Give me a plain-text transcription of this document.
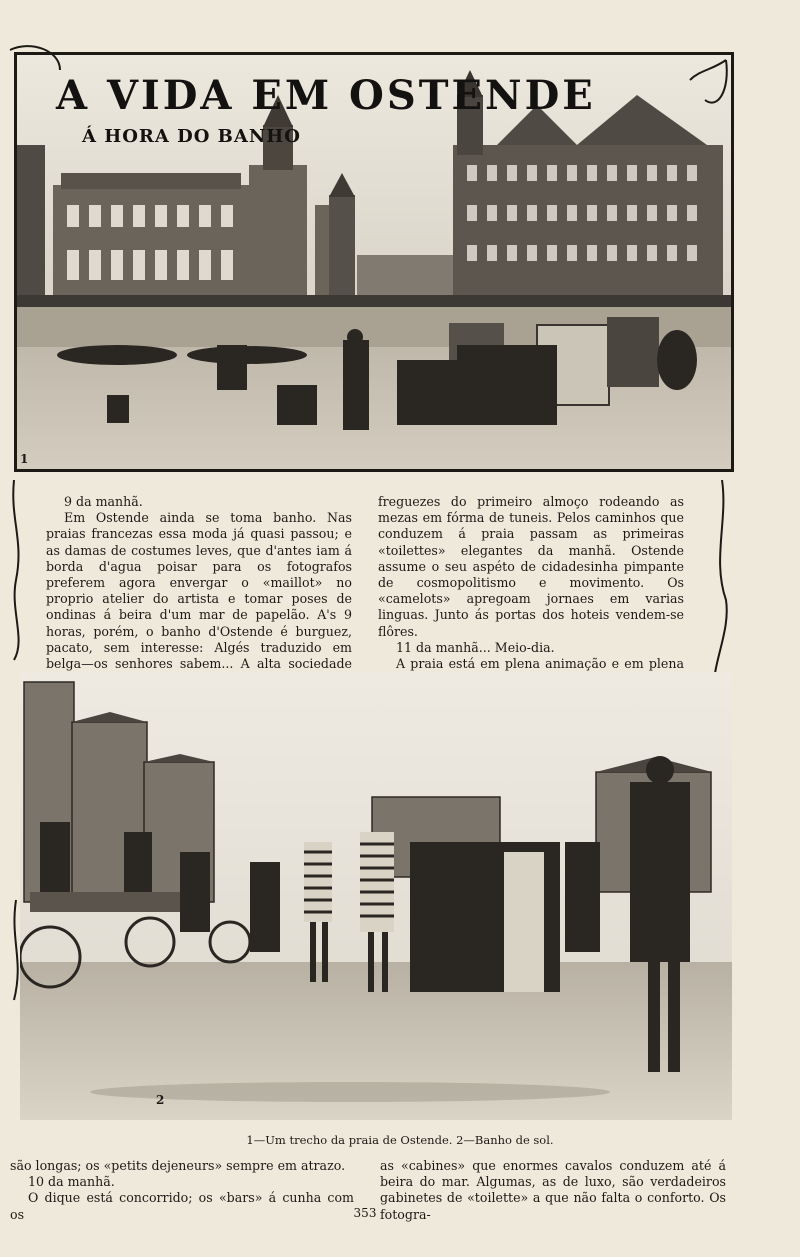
A VIDA EM OSTENDE
Á HORA DO BANHO
1

9 da manhã.

Em Ostende ainda se toma banho. Nas praias francezas essa moda já quasi passou; e as damas de costumes leves, que d'antes iam á borda d'agua poisar para os fotografos preferem agora envergar o «maillot» no proprio atelier do artista e tomar poses de ondinas á beira d'um mar de papelão. A's 9 horas, porém, o banho d'Ostende é burguez, pacato, sem interesse: Algés traduzido em belga—os senhores sabem... A alta sociedade

freguezes do primeiro almoço rodeando as mezas em fórma de tuneis. Pelos caminhos que conduzem á praia passam as primeiras «toilettes» elegantes da manhã. Ostende assume o seu aspéto de cidadesinha pimpante de cosmopolitismo e movimento. Os «camelots» apregoam jornaes em varias linguas. Junto ás portas dos hoteis vendem-se flôres.

11 da manhã... Meio-dia.

A praia está em plena animação e em plena

2
1—Um trecho da praia de Ostende. 2—Banho de sol.

são longas; os «petits dejeneurs» sempre em atrazo.

10 da manhã.

O dique está concorrido; os «bars» á cunha com os

as «cabines» que enormes cavalos conduzem até á beira do mar. Algumas, as de luxo, são verdadeiros gabinetes de «toilette» a que não falta o conforto. Os fotogra-

353
